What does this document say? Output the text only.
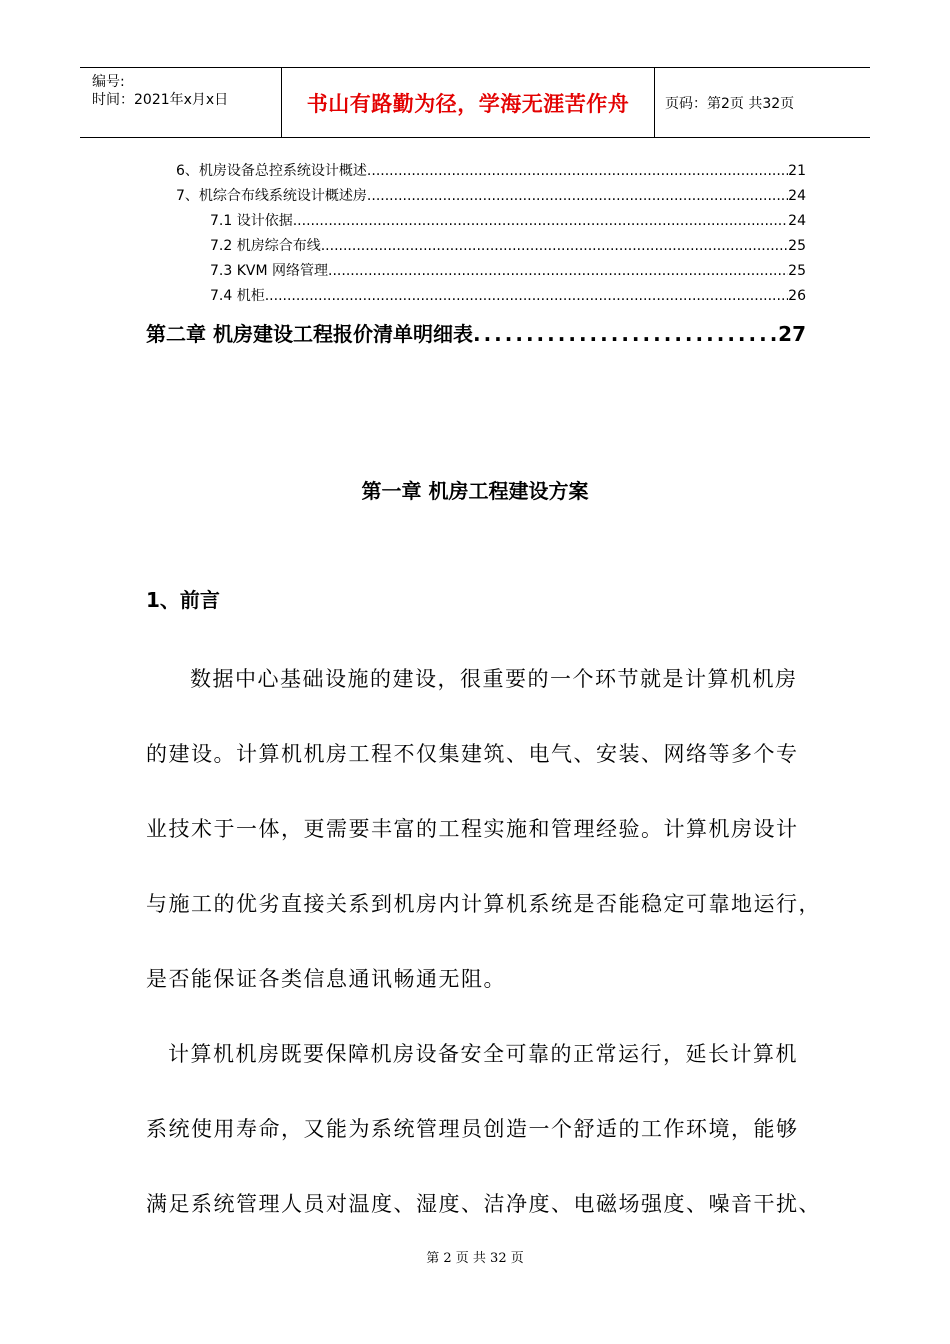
编号:
时间：2021年x月x日	书山有路勤为径，学海无涯苦作舟	页码：第2页 共32页
6、机房设备总控系统设计概述 .....	21
7、机综合布线系统设计概述房 .....	24
7.1 设计依据 .....	24
7.2 机房综合布线 .....	25
7.3 KVM 网络管理 .....	25
7.4 机柜 .....	26
第二章 机房建设工程报价清单明细表 .....	27
第一章 机房工程建设方案
1、前言
数据中心基础设施的建设，很重要的一个环节就是计算机机房
的建设。计算机机房工程不仅集建筑、电气、安装、网络等多个专
业技术于一体，更需要丰富的工程实施和管理经验。计算机房设计
与施工的优劣直接关系到机房内计算机系统是否能稳定可靠地运行，
是否能保证各类信息通讯畅通无阻。
计算机机房既要保障机房设备安全可靠的正常运行，延长计算机
系统使用寿命，又能为系统管理员创造一个舒适的工作环境，能够
满足系统管理人员对温度、湿度、洁净度、电磁场强度、噪音干扰、
第 2 页 共 32 页
